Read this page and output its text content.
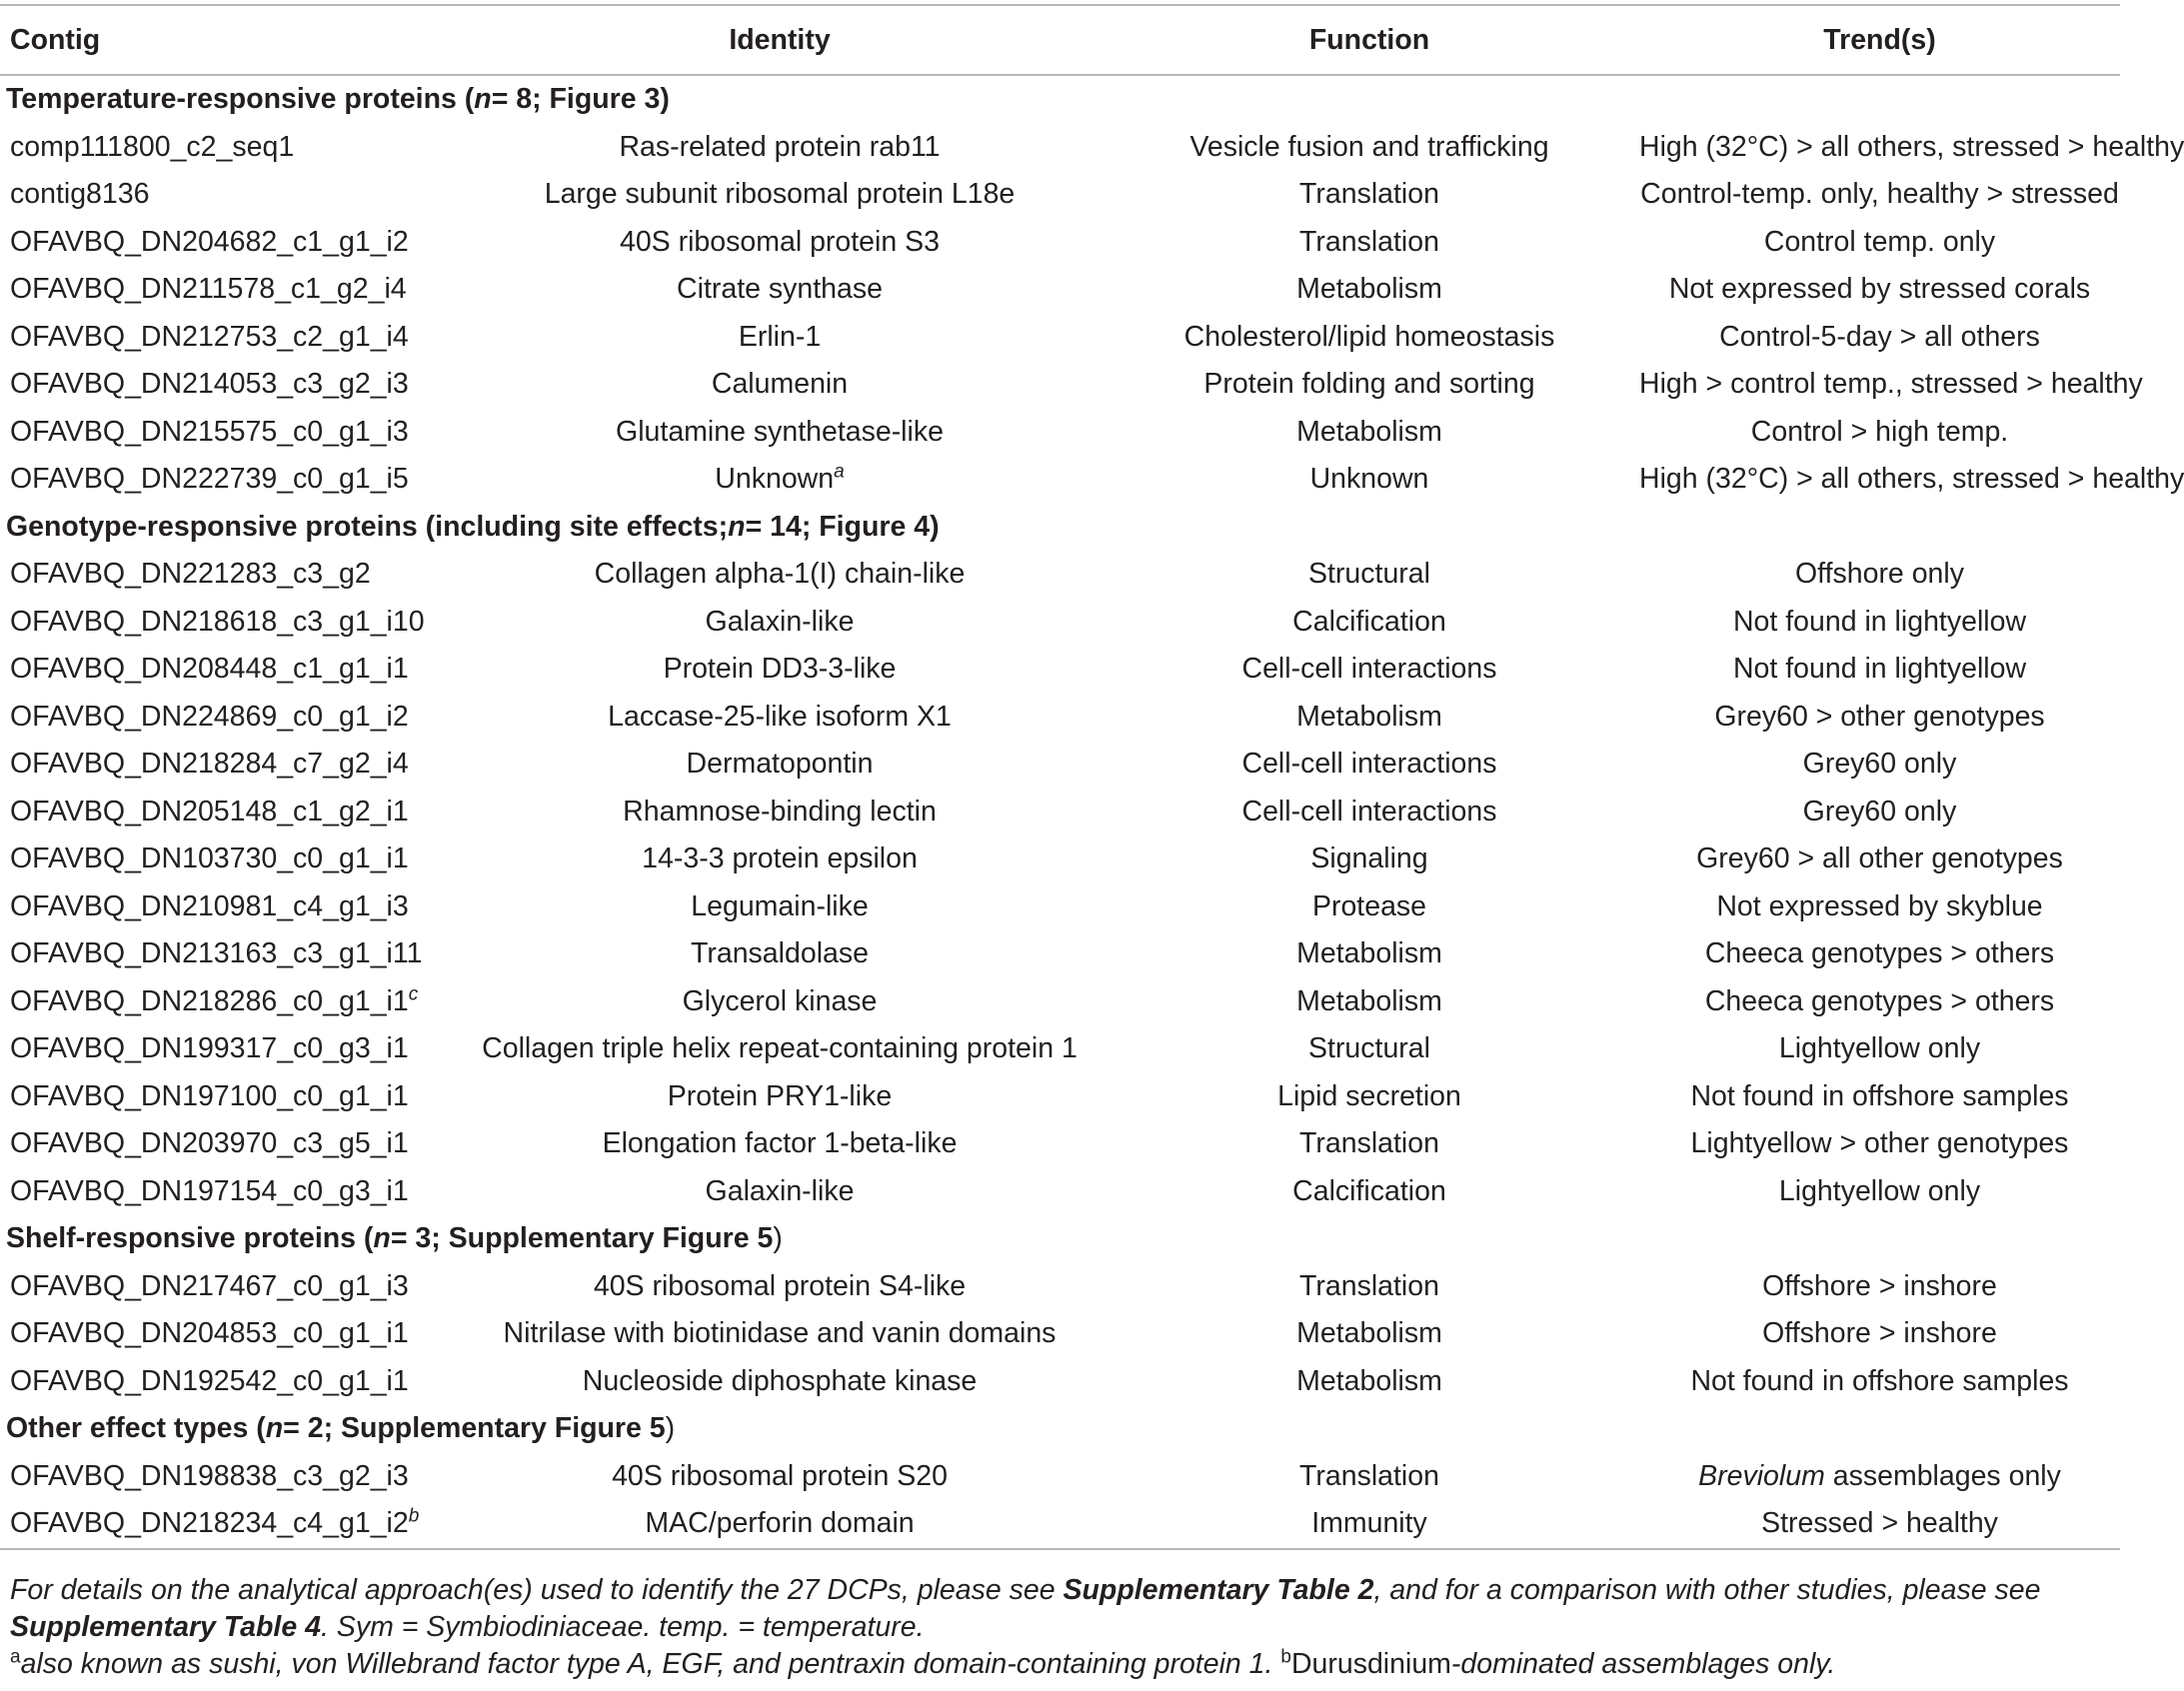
Contig	Identity	Function	Trend(s)
Temperature-responsive proteins ( n = 8; Figure 3 )
comp111800_c2_seq1	Ras-related protein rab11	Vesicle fusion and trafficking	High (32°C) > all others, stressed > healthy
contig8136	Large subunit ribosomal protein L18e	Translation	Control-temp. only, healthy > stressed
OFAVBQ_DN204682_c1_g1_i2	40S ribosomal protein S3	Translation	Control temp. only
OFAVBQ_DN211578_c1_g2_i4	Citrate synthase	Metabolism	Not expressed by stressed corals
OFAVBQ_DN212753_c2_g1_i4	Erlin-1	Cholesterol/lipid homeostasis	Control-5-day > all others
OFAVBQ_DN214053_c3_g2_i3	Calumenin	Protein folding and sorting	High > control temp., stressed > healthy
OFAVBQ_DN215575_c0_g1_i3	Glutamine synthetase-like	Metabolism	Control > high temp.
OFAVBQ_DN222739_c0_g1_i5	Unknown$^a$	Unknown	High (32°C) > all others, stressed > healthy
Genotype-responsive proteins (including site effects; n = 14; Figure 4 )
OFAVBQ_DN221283_c3_g2	Collagen alpha-1(I) chain-like	Structural	Offshore only
OFAVBQ_DN218618_c3_g1_i10	Galaxin-like	Calcification	Not found in lightyellow
OFAVBQ_DN208448_c1_g1_i1	Protein DD3-3-like	Cell-cell interactions	Not found in lightyellow
OFAVBQ_DN224869_c0_g1_i2	Laccase-25-like isoform X1	Metabolism	Grey60 > other genotypes
OFAVBQ_DN218284_c7_g2_i4	Dermatopontin	Cell-cell interactions	Grey60 only
OFAVBQ_DN205148_c1_g2_i1	Rhamnose-binding lectin	Cell-cell interactions	Grey60 only
OFAVBQ_DN103730_c0_g1_i1	14-3-3 protein epsilon	Signaling	Grey60 > all other genotypes
OFAVBQ_DN210981_c4_g1_i3	Legumain-like	Protease	Not expressed by skyblue
OFAVBQ_DN213163_c3_g1_i11	Transaldolase	Metabolism	Cheeca genotypes > others
OFAVBQ_DN218286_c0_g1_i1$^c$	Glycerol kinase	Metabolism	Cheeca genotypes > others
OFAVBQ_DN199317_c0_g3_i1	Collagen triple helix repeat-containing protein 1	Structural	Lightyellow only
OFAVBQ_DN197100_c0_g1_i1	Protein PRY1-like	Lipid secretion	Not found in offshore samples
OFAVBQ_DN203970_c3_g5_i1	Elongation factor 1-beta-like	Translation	Lightyellow > other genotypes
OFAVBQ_DN197154_c0_g3_i1	Galaxin-like	Calcification	Lightyellow only
Shelf-responsive proteins ( n = 3; Supplementary Figure 5 )
OFAVBQ_DN217467_c0_g1_i3	40S ribosomal protein S4-like	Translation	Offshore > inshore
OFAVBQ_DN204853_c0_g1_i1	Nitrilase with biotinidase and vanin domains	Metabolism	Offshore > inshore
OFAVBQ_DN192542_c0_g1_i1	Nucleoside diphosphate kinase	Metabolism	Not found in offshore samples
Other effect types ( n = 2; Supplementary Figure 5 )
OFAVBQ_DN198838_c3_g2_i3	40S ribosomal protein S20	Translation	Breviolum assemblages only
OFAVBQ_DN218234_c4_g1_i2$^b$	MAC/perforin domain	Immunity	Stressed > healthy
For details on the analytical approach(es) used to identify the 27 DCPs, please see Supplementary Table 2, and for a comparison with other studies, please see
Supplementary Table 4. Sym = Symbiodiniaceae. temp. = temperature.
$^a$also known as sushi, von Willebrand factor type A, EGF, and pentraxin domain-containing protein 1. $^b$Durusdinium-dominated assemblages only.
